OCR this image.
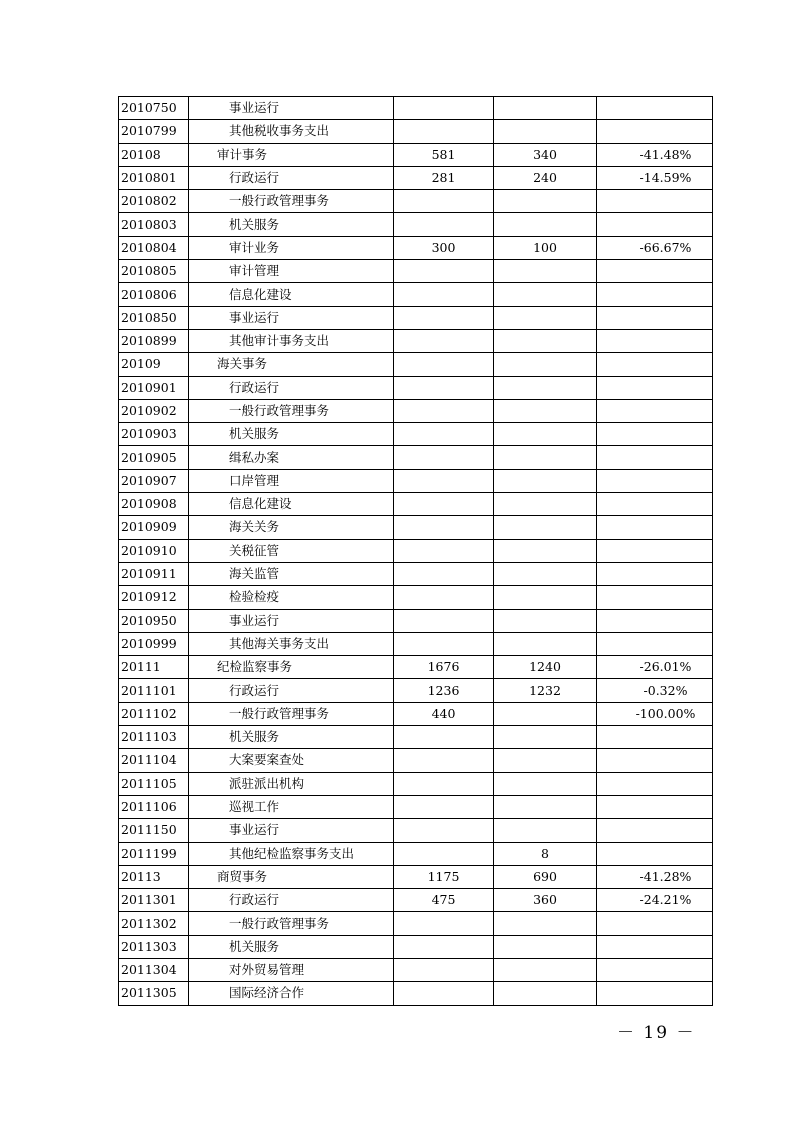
2010750	事业运行			
2010799	其他税收事务支出			
20108	审计事务	581	340	-41.48%
2010801	行政运行	281	240	-14.59%
2010802	一般行政管理事务			
2010803	机关服务			
2010804	审计业务	300	100	-66.67%
2010805	审计管理			
2010806	信息化建设			
2010850	事业运行			
2010899	其他审计事务支出			
20109	海关事务			
2010901	行政运行			
2010902	一般行政管理事务			
2010903	机关服务			
2010905	缉私办案			
2010907	口岸管理			
2010908	信息化建设			
2010909	海关关务			
2010910	关税征管			
2010911	海关监管			
2010912	检验检疫			
2010950	事业运行			
2010999	其他海关事务支出			
20111	纪检监察事务	1676	1240	-26.01%
2011101	行政运行	1236	1232	-0.32%
2011102	一般行政管理事务	440		-100.00%
2011103	机关服务			
2011104	大案要案查处			
2011105	派驻派出机构			
2011106	巡视工作			
2011150	事业运行			
2011199	其他纪检监察事务支出		8	
20113	商贸事务	1175	690	-41.28%
2011301	行政运行	475	360	-24.21%
2011302	一般行政管理事务			
2011303	机关服务			
2011304	对外贸易管理			
2011305	国际经济合作			
－ 19 －
